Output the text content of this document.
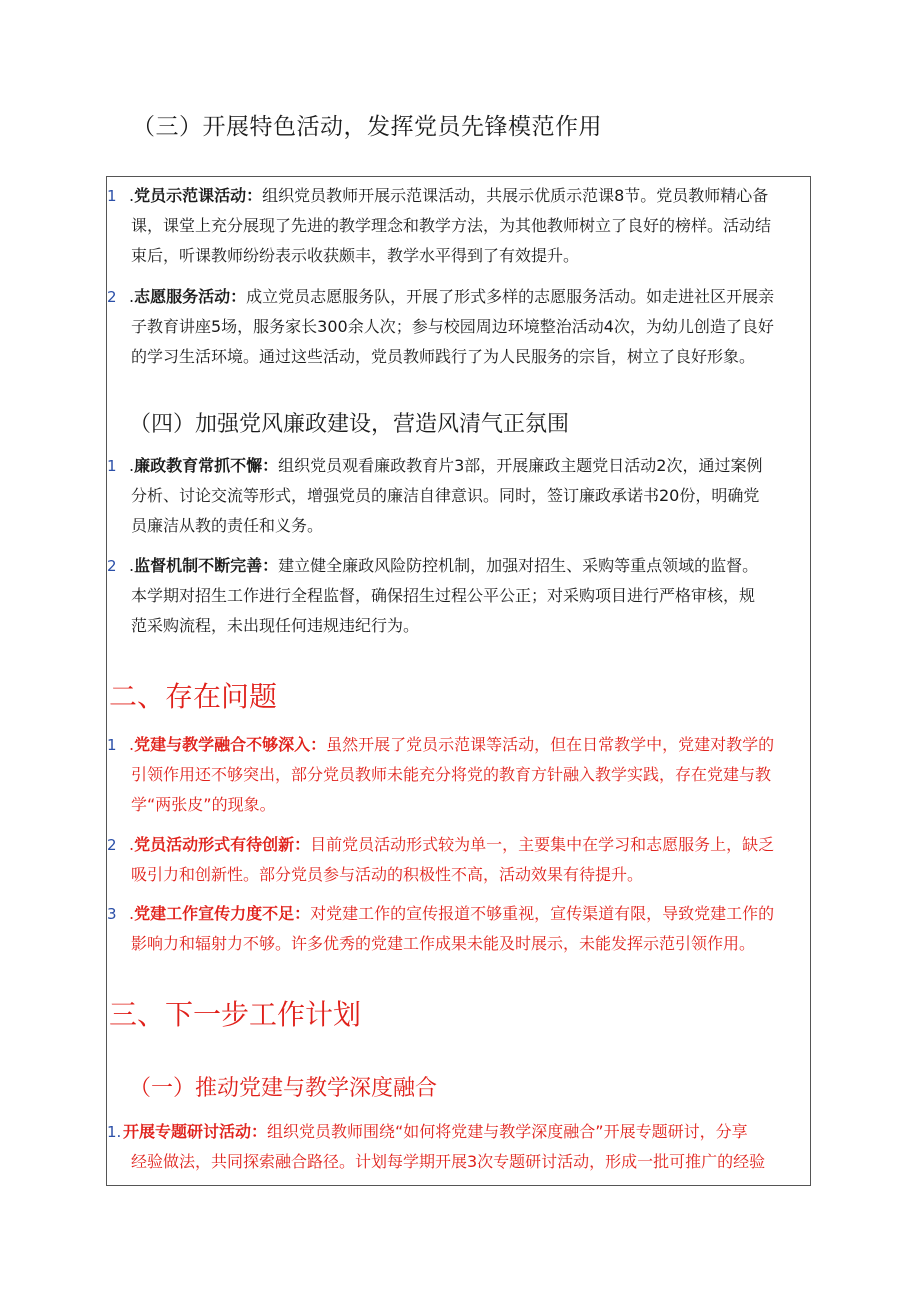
（三）开展特色活动，发挥党员先锋模范作用
1 .党员示范课活动：组织党员教师开展示范课活动，共展示优质示范课8节。党员教师精心备
课，课堂上充分展现了先进的教学理念和教学方法，为其他教师树立了良好的榜样。活动结
束后，听课教师纷纷表示收获颇丰，教学水平得到了有效提升。
2 .志愿服务活动：成立党员志愿服务队，开展了形式多样的志愿服务活动。如走进社区开展亲
子教育讲座5场，服务家长300余人次；参与校园周边环境整治活动4次，为幼儿创造了良好
的学习生活环境。通过这些活动，党员教师践行了为人民服务的宗旨，树立了良好形象。
（四）加强党风廉政建设，营造风清气正氛围
1 .廉政教育常抓不懈：组织党员观看廉政教育片3部，开展廉政主题党日活动2次，通过案例
分析、讨论交流等形式，增强党员的廉洁自律意识。同时，签订廉政承诺书20份，明确党
员廉洁从教的责任和义务。
2 .监督机制不断完善：建立健全廉政风险防控机制，加强对招生、采购等重点领域的监督。
本学期对招生工作进行全程监督，确保招生过程公平公正；对采购项目进行严格审核，规
范采购流程，未出现任何违规违纪行为。
二、存在问题
1 .党建与教学融合不够深入：虽然开展了党员示范课等活动，但在日常教学中，党建对教学的
引领作用还不够突出，部分党员教师未能充分将党的教育方针融入教学实践，存在党建与教
学“两张皮”的现象。
2 .党员活动形式有待创新：目前党员活动形式较为单一，主要集中在学习和志愿服务上，缺乏
吸引力和创新性。部分党员参与活动的积极性不高，活动效果有待提升。
3 .党建工作宣传力度不足：对党建工作的宣传报道不够重视，宣传渠道有限，导致党建工作的
影响力和辐射力不够。许多优秀的党建工作成果未能及时展示，未能发挥示范引领作用。
三、下一步工作计划
（一）推动党建与教学深度融合
1. 开展专题研讨活动：组织党员教师围绕“如何将党建与教学深度融合”开展专题研讨，分享
经验做法，共同探索融合路径。计划每学期开展3次专题研讨活动，形成一批可推广的经验
